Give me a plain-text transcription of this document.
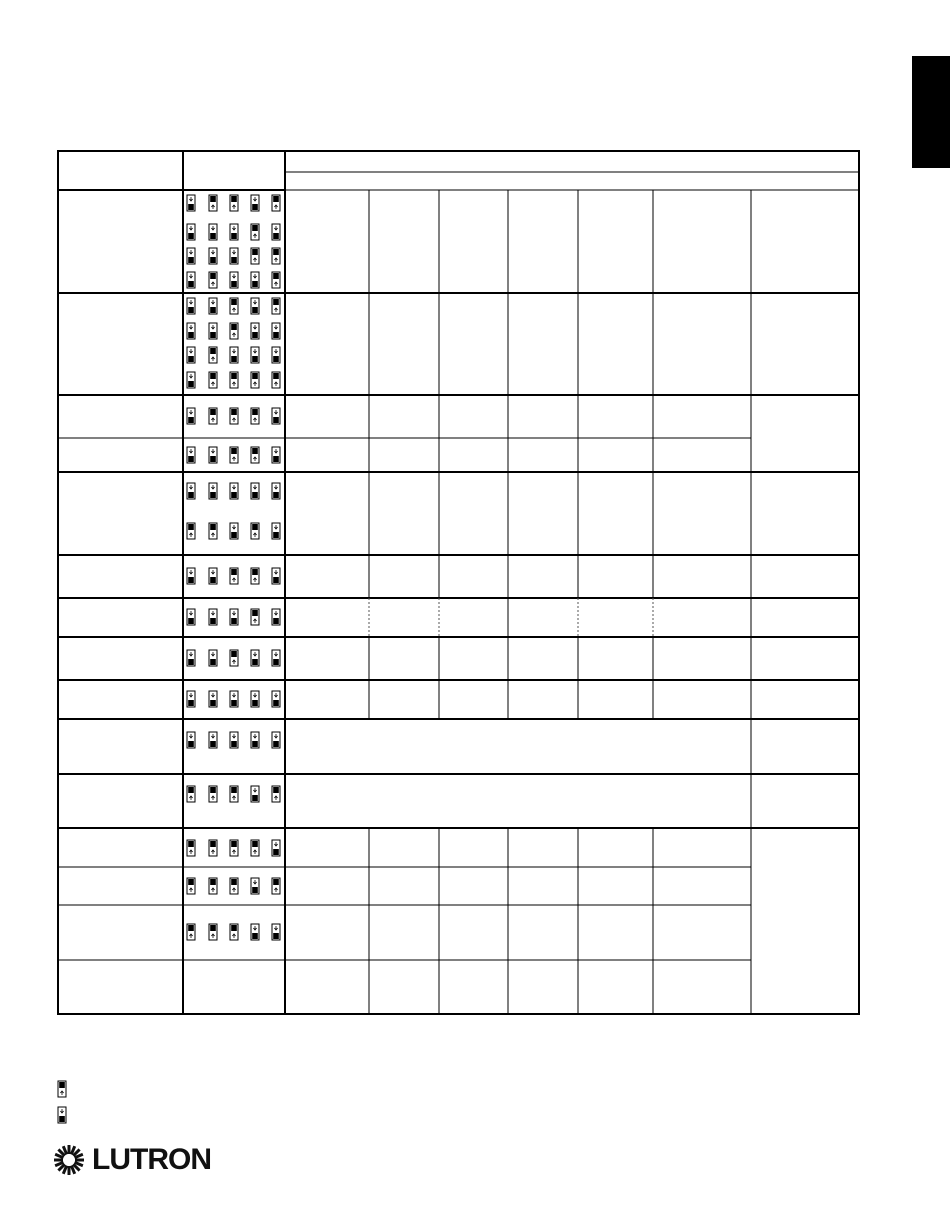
LUTRON
